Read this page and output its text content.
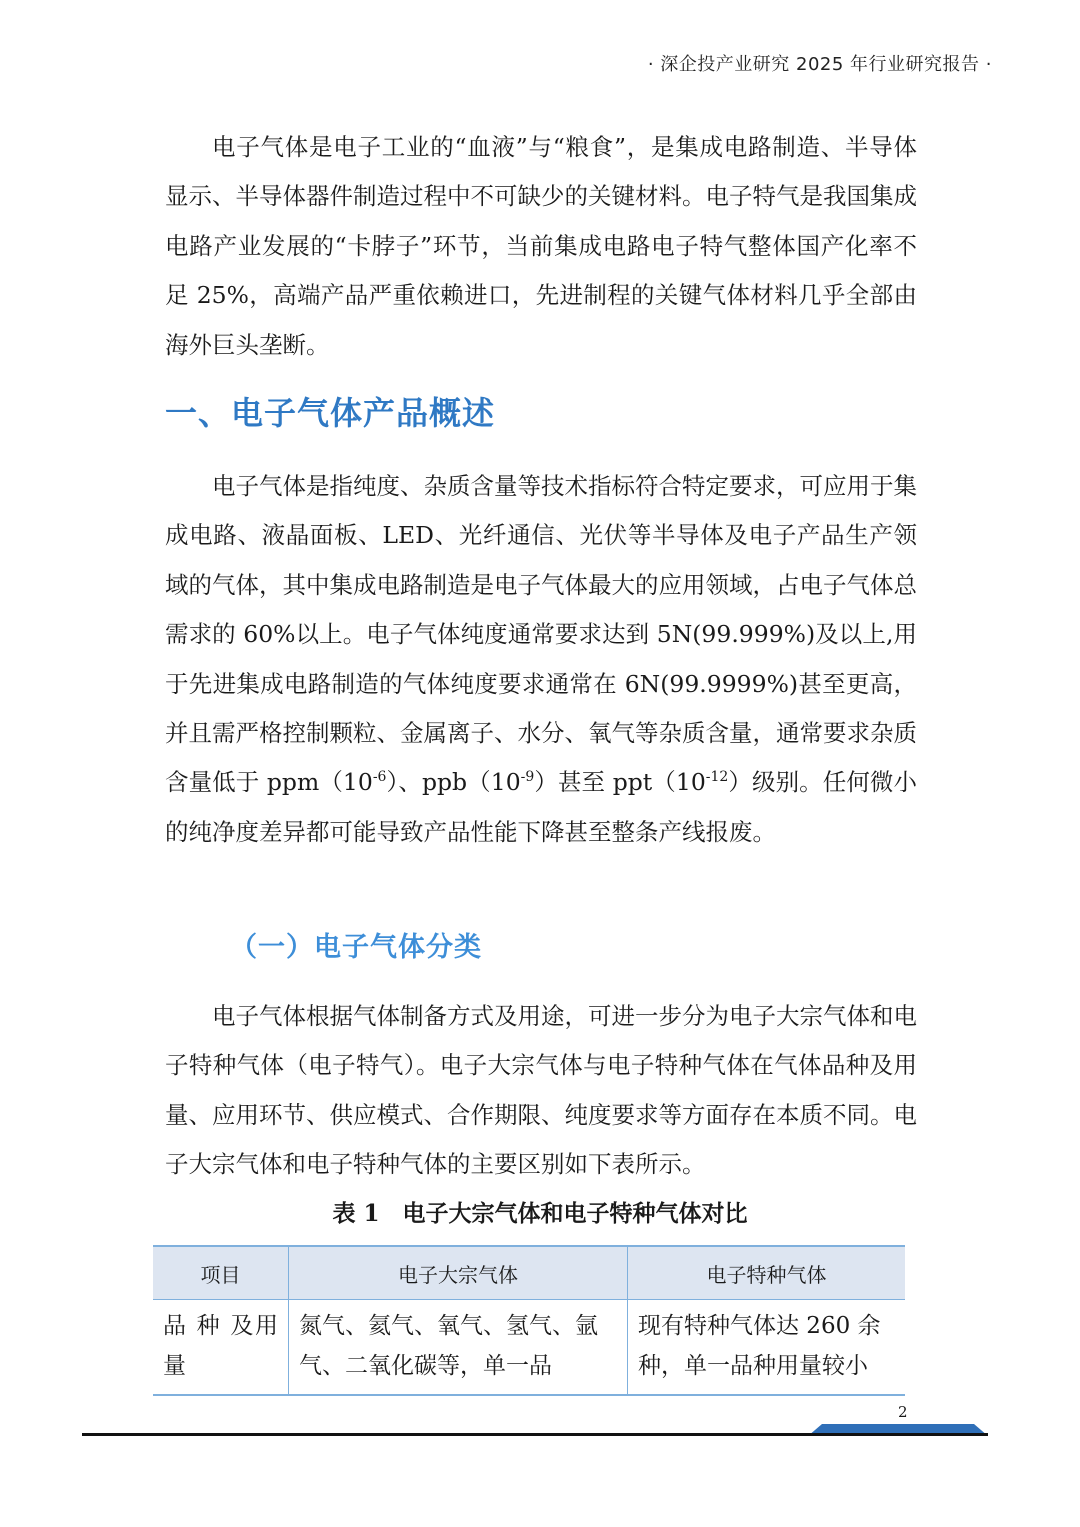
· 深企投产业研究 2025 年行业研究报告 ·

电子气体是电子工业的“血液”与“粮食”，是集成电路制造、半导体显示、半导体器件制造过程中不可缺少的关键材料。电子特气是我国集成电路产业发展的“卡脖子”环节，当前集成电路电子特气整体国产化率不足 25%，高端产品严重依赖进口，先进制程的关键气体材料几乎全部由海外巨头垄断。

一、电子气体产品概述

电子气体是指纯度、杂质含量等技术指标符合特定要求，可应用于集成电路、液晶面板、LED、光纤通信、光伏等半导体及电子产品生产领域的气体，其中集成电路制造是电子气体最大的应用领域，占电子气体总需求的 60%以上。电子气体纯度通常要求达到 5N(99.999%)及以上,用于先进集成电路制造的气体纯度要求通常在 6N(99.9999%)甚至更高，并且需严格控制颗粒、金属离子、水分、氧气等杂质含量，通常要求杂质含量低于 $ppm(10^{-6})$、$ppb(10^{-9})$甚至 $ppt(10^{-12})$级别。任何微小的纯净度差异都可能导致产品性能下降甚至整条产线报废。

（一）电子气体分类

电子气体根据气体制备方式及用途，可进一步分为电子大宗气体和电子特种气体（电子特气）。电子大宗气体与电子特种气体在气体品种及用量、应用环节、供应模式、合作期限、纯度要求等方面存在本质不同。电子大宗气体和电子特种气体的主要区别如下表所示。

表 1　电子大宗气体和电子特种气体对比
项目	电子大宗气体	电子特种气体
品 种 及用量	氮气、氦气、氧气、氢气、氩气、二氧化碳等，单一品	现有特种气体达 260 余种，单一品种用量较小
2
